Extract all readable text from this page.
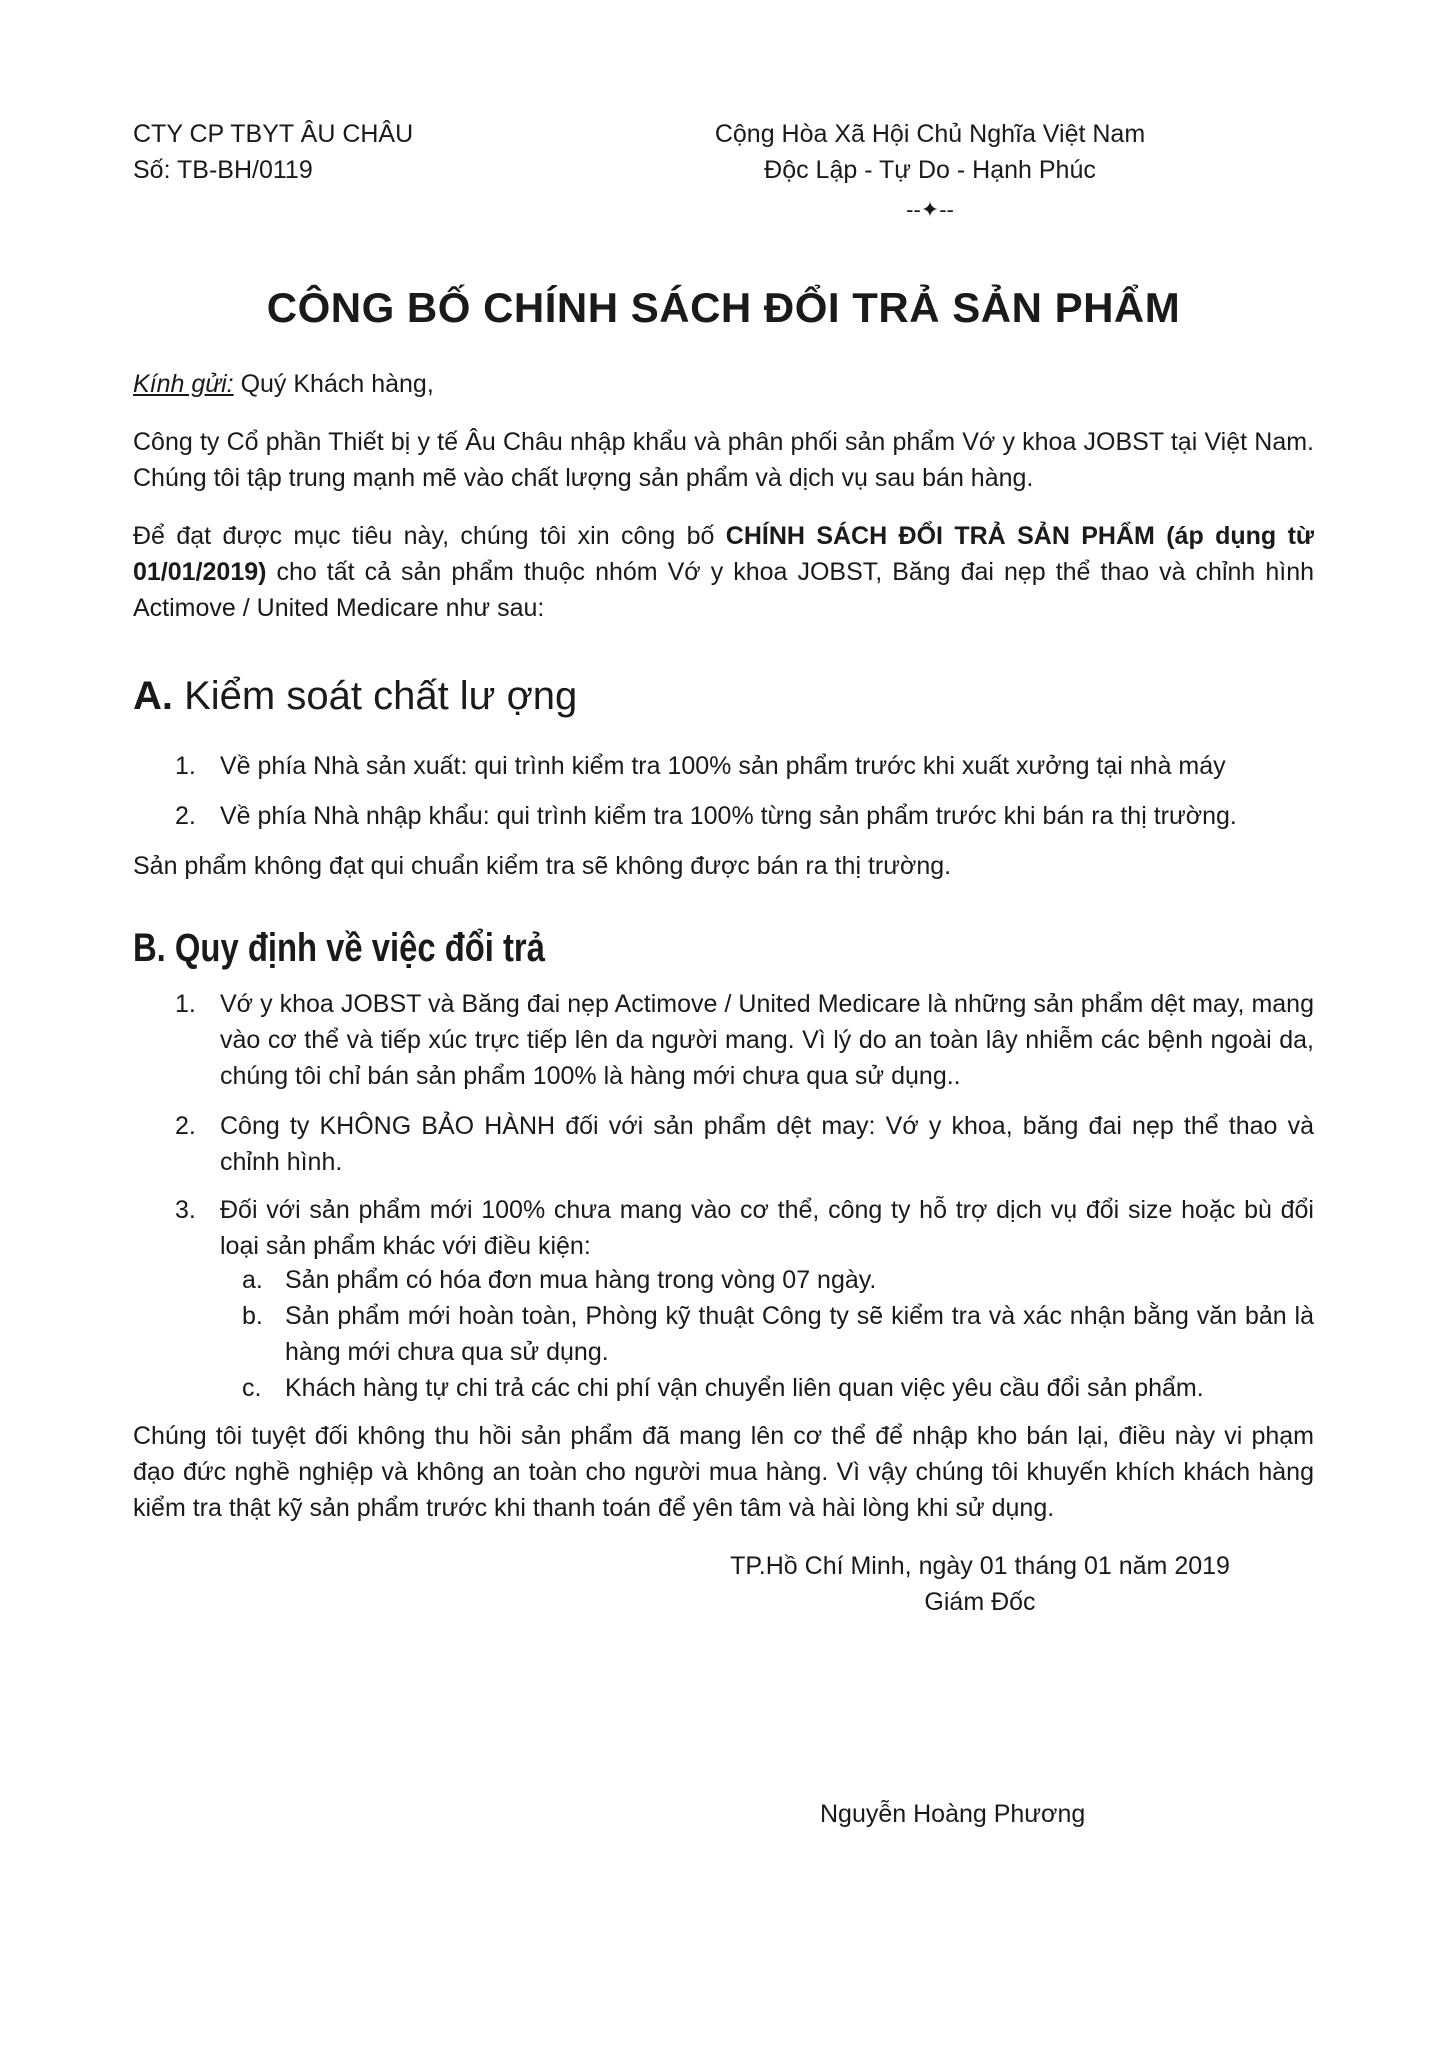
CTY CP TBYT ÂU CHÂU
Số: TB-BH/0119
Cộng Hòa Xã Hội Chủ Nghĩa Việt Nam
Độc Lập - Tự Do - Hạnh Phúc
--✦--
CÔNG BỐ CHÍNH SÁCH ĐỔI TRẢ SẢN PHẨM
Kính gửi: Quý Khách hàng,
Công ty Cổ phần Thiết bị y tế Âu Châu nhập khẩu và phân phối sản phẩm Vớ y khoa JOBST tại Việt Nam. Chúng tôi tập trung mạnh mẽ vào chất lượng sản phẩm và dịch vụ sau bán hàng.
Để đạt được mục tiêu này, chúng tôi xin công bố CHÍNH SÁCH ĐỔI TRẢ SẢN PHẨM (áp dụng từ 01/01/2019) cho tất cả sản phẩm thuộc nhóm Vớ y khoa JOBST, Băng đai nẹp thể thao và chỉnh hình Actimove / United Medicare như sau:
A. Kiểm soát chất lư ợng
1. Về phía Nhà sản xuất: qui trình kiểm tra 100% sản phẩm trước khi xuất xưởng tại nhà máy
2. Về phía Nhà nhập khẩu: qui trình kiểm tra 100% từng sản phẩm trước khi bán ra thị trường.
Sản phẩm không đạt qui chuẩn kiểm tra sẽ không được bán ra thị trường.
B. Quy định về việc đổi trả
1. Vớ y khoa JOBST và Băng đai nẹp Actimove / United Medicare là những sản phẩm dệt may, mang vào cơ thể và tiếp xúc trực tiếp lên da người mang. Vì lý do an toàn lây nhiễm các bệnh ngoài da, chúng tôi chỉ bán sản phẩm 100% là hàng mới chưa qua sử dụng..
2. Công ty KHÔNG BẢO HÀNH đối với sản phẩm dệt may: Vớ y khoa, băng đai nẹp thể thao và chỉnh hình.
3. Đối với sản phẩm mới 100% chưa mang vào cơ thể, công ty hỗ trợ dịch vụ đổi size hoặc bù đổi loại sản phẩm khác với điều kiện:
a. Sản phẩm có hóa đơn mua hàng trong vòng 07 ngày.
b. Sản phẩm mới hoàn toàn, Phòng kỹ thuật Công ty sẽ kiểm tra và xác nhận bằng văn bản là hàng mới chưa qua sử dụng.
c. Khách hàng tự chi trả các chi phí vận chuyển liên quan việc yêu cầu đổi sản phẩm.
Chúng tôi tuyệt đối không thu hồi sản phẩm đã mang lên cơ thể để nhập kho bán lại, điều này vi phạm đạo đức nghề nghiệp và không an toàn cho người mua hàng. Vì vậy chúng tôi khuyến khích khách hàng kiểm tra thật kỹ sản phẩm trước khi thanh toán để yên tâm và hài lòng khi sử dụng.
TP.Hồ Chí Minh, ngày 01 tháng 01 năm 2019
Giám Đốc
Nguyễn Hoàng Phương
